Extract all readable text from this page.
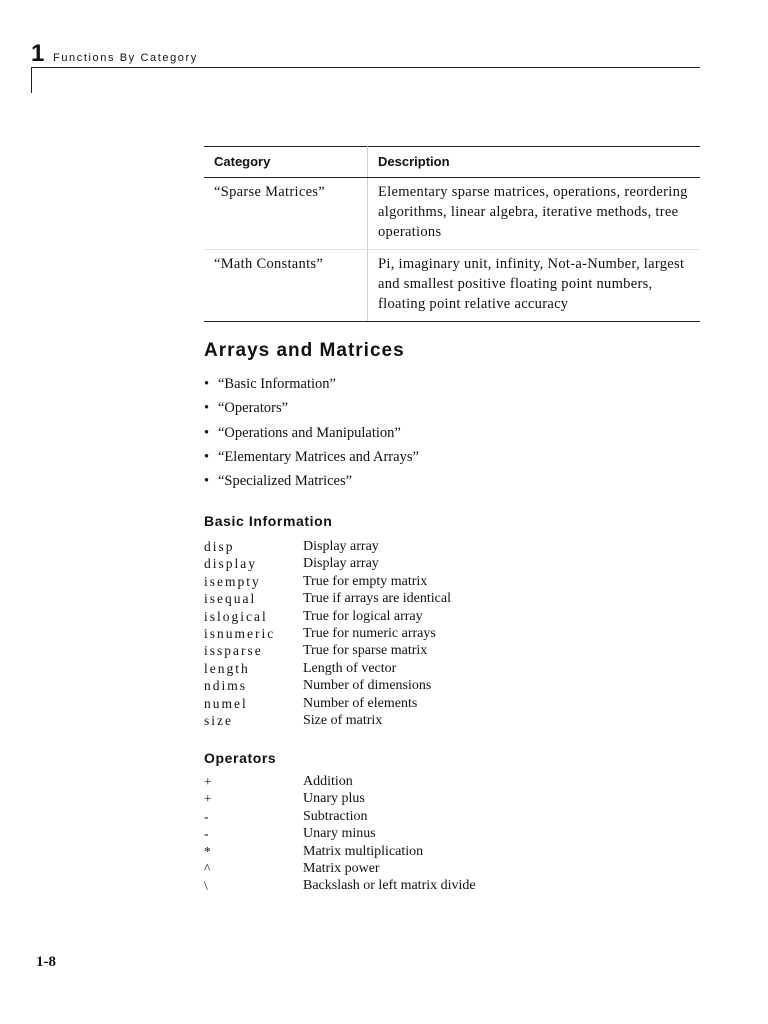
1 Functions By Category
Category	Description
“Sparse Matrices”	Elementary sparse matrices, operations, reordering algorithms, linear algebra, iterative methods, tree operations
“Math Constants”	Pi, imaginary unit, infinity, Not-a-Number, largest and smallest positive floating point numbers, floating point relative accuracy
Arrays and Matrices
• “Basic Information”
• “Operators”
• “Operations and Manipulation”
• “Elementary Matrices and Arrays”
• “Specialized Matrices”
Basic Information
disp	Display array
display	Display array
isempty	True for empty matrix
isequal	True if arrays are identical
islogical	True for logical array
isnumeric True for numeric arrays
issparse	True for sparse matrix
length	Length of vector
ndims	Number of dimensions
numel	Number of elements
size	Size of matrix
Operators
+	Addition
+	Unary plus
-	Subtraction
-	Unary minus
*	Matrix multiplication
^	Matrix power
\	Backslash or left matrix divide
1-8
